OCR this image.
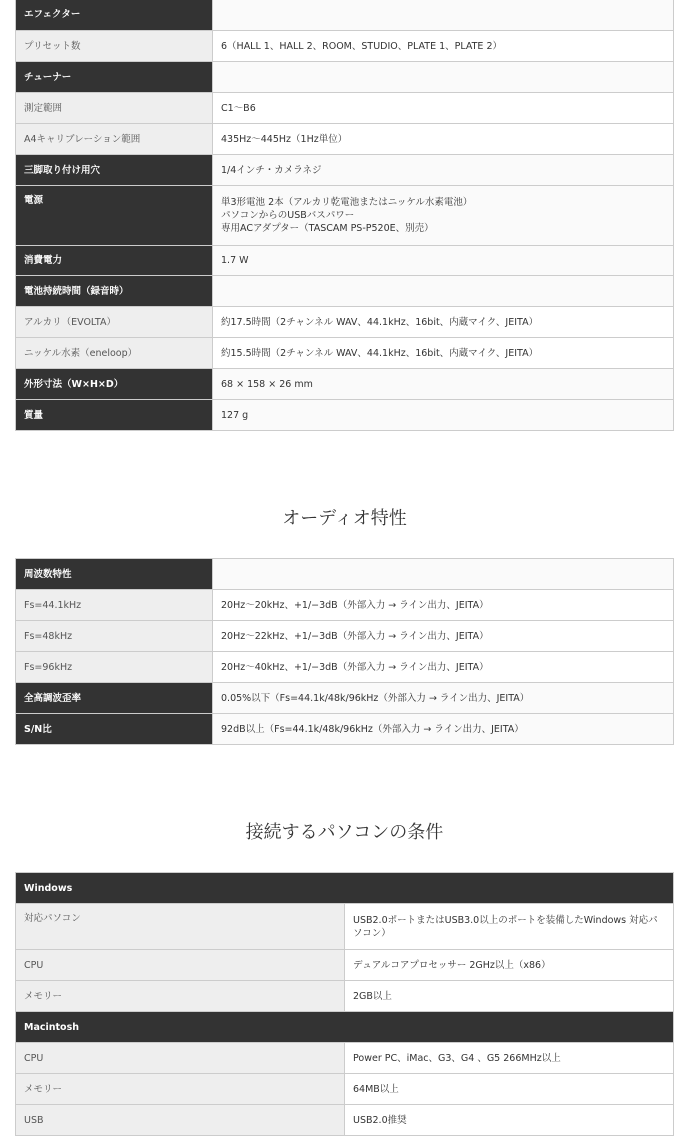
エフェクター	
プリセット数	6（HALL 1、HALL 2、ROOM、STUDIO、PLATE 1、PLATE 2）
チューナー	
測定範囲	C1〜B6
A4キャリブレーション範囲	435Hz〜445Hz（1Hz単位）
三脚取り付け用穴	1/4インチ・カメラネジ
電源	単3形電池 2本（アルカリ乾電池またはニッケル水素電池）
パソコンからのUSBバスパワー
専用ACアダプター（TASCAM PS-P520E、別売）

消費電力	1.7 W
電池持続時間（録音時）	
アルカリ（EVOLTA）	約17.5時間（2チャンネル WAV、44.1kHz、16bit、内蔵マイク、JEITA）
ニッケル水素（eneloop）	約15.5時間（2チャンネル WAV、44.1kHz、16bit、内蔵マイク、JEITA）
外形寸法（W×H×D）	68 × 158 × 26 mm
質量	127 g
オーディオ特性
周波数特性	
Fs=44.1kHz	20Hz〜20kHz、+1/−3dB（外部入力 → ライン出力、JEITA）
Fs=48kHz	20Hz〜22kHz、+1/−3dB（外部入力 → ライン出力、JEITA）
Fs=96kHz	20Hz〜40kHz、+1/−3dB（外部入力 → ライン出力、JEITA）
全高調波歪率	0.05%以下（Fs=44.1k/48k/96kHz（外部入力 → ライン出力、JEITA）
S/N比	92dB以上（Fs=44.1k/48k/96kHz（外部入力 → ライン出力、JEITA）
接続するパソコンの条件
Windows	
対応パソコン	USB2.0ポートまたはUSB3.0以上のポートを装備したWindows 対応パソコン）
CPU	デュアルコアプロセッサー 2GHz以上（x86）
メモリー	2GB以上
Macintosh	
CPU	Power PC、iMac、G3、G4 、G5 266MHz以上
メモリー	64MB以上
USB	USB2.0推奨
